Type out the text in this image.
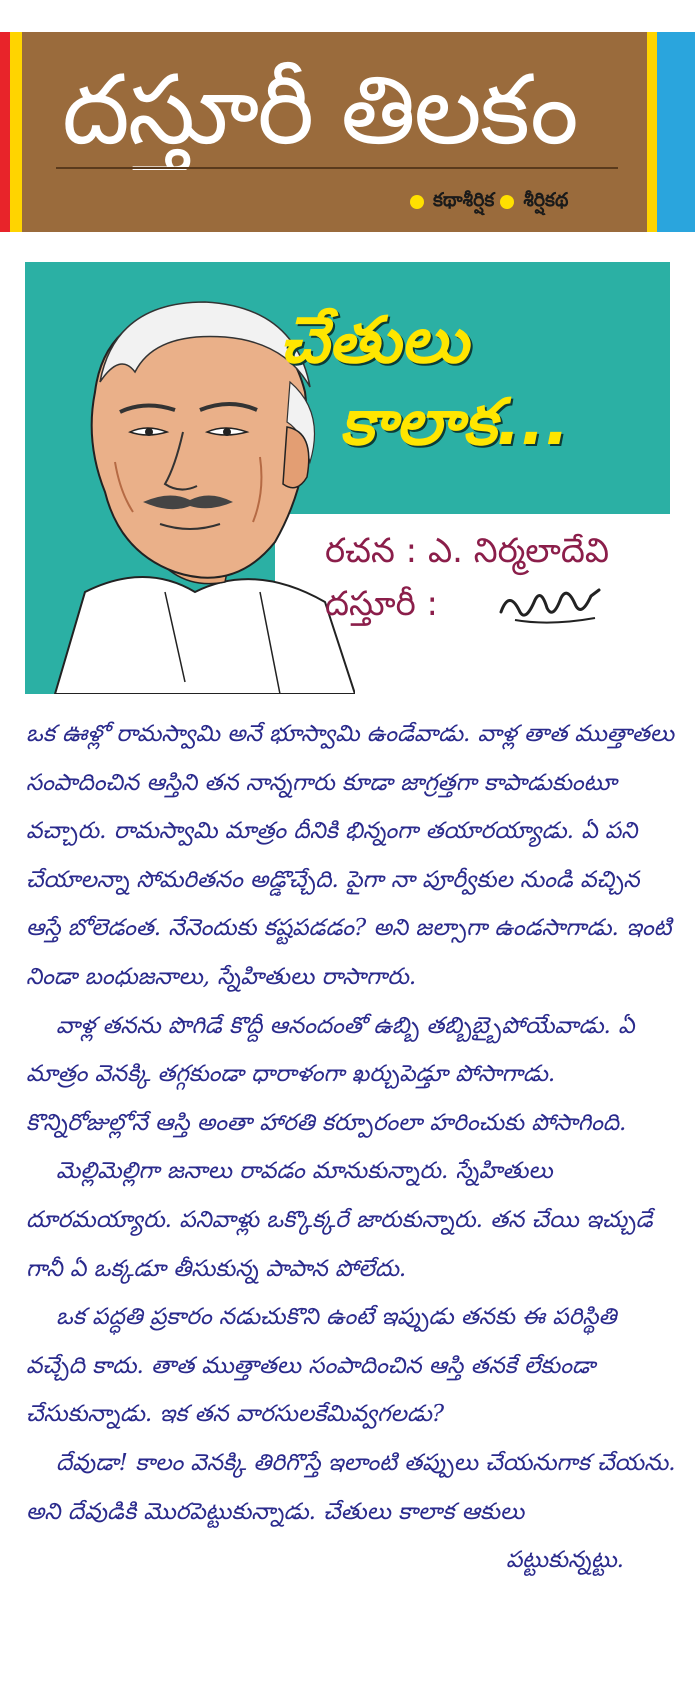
దస్తూరీ తిలకం
కథాశీర్షిక శీర్షికథ
చేతులు
కాలాక...
రచన : ఎ. నిర్మలాదేవి
దస్తూరీ :

ఒక ఊళ్లో రామస్వామి అనే భూస్వామి ఉండేవాడు. వాళ్ల తాత ముత్తాతలు సంపాదించిన ఆస్తిని తన నాన్నగారు కూడా జాగ్రత్తగా కాపాడుకుంటూ వచ్చారు. రామస్వామి మాత్రం దీనికి భిన్నంగా తయారయ్యాడు. ఏ పని చేయాలన్నా సోమరితనం అడ్డొచ్చేది. పైగా నా పూర్వీకుల నుండి వచ్చిన ఆస్తే బోలెడంత. నేనెందుకు కష్టపడడం? అని జల్సాగా ఉండసాగాడు. ఇంటి నిండా బంధుజనాలు, స్నేహితులు రాసాగారు.

వాళ్ల తనను పొగిడే కొద్దీ ఆనందంతో ఉబ్బి తబ్బిబ్బైపోయేవాడు. ఏ మాత్రం వెనక్కి తగ్గకుండా ధారాళంగా ఖర్చుపెడ్తూ పోసాగాడు. కొన్నిరోజుల్లోనే ఆస్తి అంతా హారతి కర్పూరంలా హరించుకు పోసాగింది.

మెల్లిమెల్లిగా జనాలు రావడం మానుకున్నారు. స్నేహితులు దూరమయ్యారు. పనివాళ్లు ఒక్కొక్కరే జారుకున్నారు. తన చేయి ఇచ్చుడే గానీ ఏ ఒక్కడూ తీసుకున్న పాపాన పోలేదు.

ఒక పద్ధతి ప్రకారం నడుచుకొని ఉంటే ఇప్పుడు తనకు ఈ పరిస్థితి వచ్చేది కాదు. తాత ముత్తాతలు సంపాదించిన ఆస్తి తనకే లేకుండా చేసుకున్నాడు. ఇక తన వారసులకేమివ్వగలడు?

దేవుడా! కాలం వెనక్కి తిరిగొస్తే ఇలాంటి తప్పులు చేయనుగాక చేయను. అని దేవుడికి మొరపెట్టుకున్నాడు. చేతులు కాలాక ఆకులు

పట్టుకున్నట్టు.
